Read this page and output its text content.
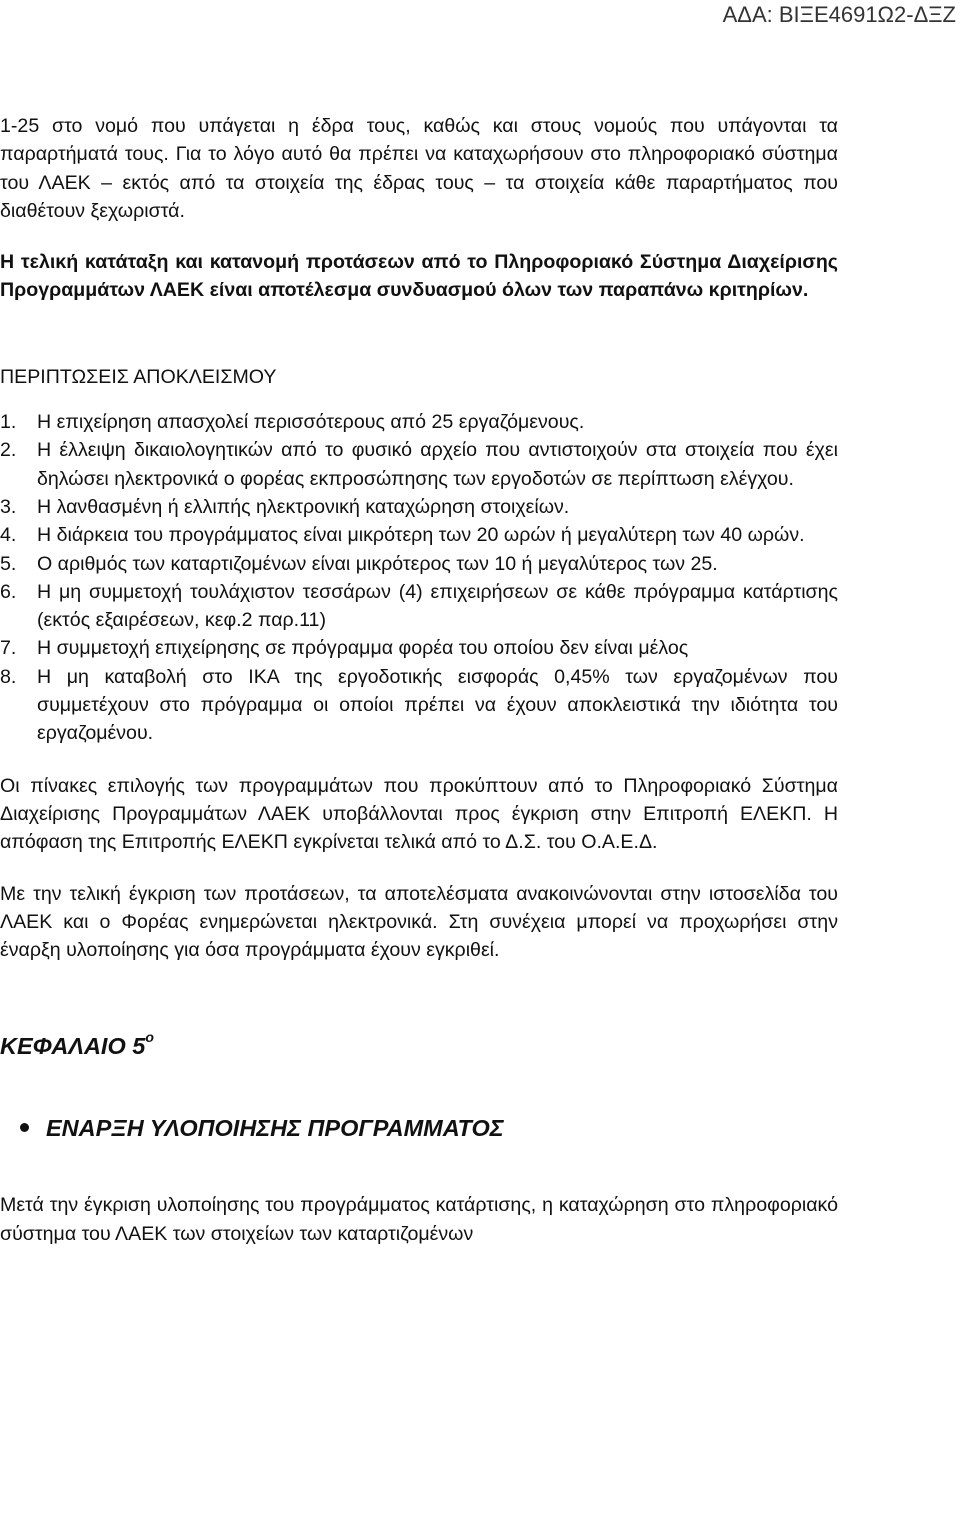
ΑΔΑ: ΒΙΞΕ4691Ω2-ΔΞΖ

1-25 στο νομό που υπάγεται η έδρα τους, καθώς και στους νομούς που υπάγονται τα παραρτήματά τους. Για το λόγο αυτό θα πρέπει να καταχωρήσουν στο πληροφοριακό σύστημα του ΛΑΕΚ – εκτός από τα στοιχεία της έδρας τους – τα στοιχεία κάθε παραρτήματος που διαθέτουν ξεχωριστά.

Η τελική κατάταξη και κατανομή προτάσεων από το Πληροφοριακό Σύστημα Διαχείρισης Προγραμμάτων ΛΑΕΚ είναι αποτέλεσμα συνδυασμού όλων των παραπάνω κριτηρίων.

ΠΕΡΙΠΤΩΣΕΙΣ ΑΠΟΚΛΕΙΣΜΟΥ
1. Η επιχείρηση απασχολεί περισσότερους από 25 εργαζόμενους.
2. Η έλλειψη δικαιολογητικών από το φυσικό αρχείο που αντιστοιχούν στα στοιχεία που έχει δηλώσει ηλεκτρονικά ο φορέας εκπροσώπησης των εργοδοτών σε περίπτωση ελέγχου.
3. Η λανθασμένη ή ελλιπής ηλεκτρονική καταχώρηση στοιχείων.
4. Η διάρκεια του προγράμματος είναι μικρότερη των 20 ωρών ή μεγαλύτερη των 40 ωρών.
5. Ο αριθμός των καταρτιζομένων είναι μικρότερος των 10 ή μεγαλύτερος των 25.
6. Η μη συμμετοχή τουλάχιστον τεσσάρων (4) επιχειρήσεων σε κάθε πρόγραμμα κατάρτισης (εκτός εξαιρέσεων, κεφ.2 παρ.11)
7. Η συμμετοχή επιχείρησης σε πρόγραμμα φορέα του οποίου δεν είναι μέλος
8. Η μη καταβολή στο ΙΚΑ της εργοδοτικής εισφοράς 0,45% των εργαζομένων που συμμετέχουν στο πρόγραμμα οι οποίοι πρέπει να έχουν αποκλειστικά την ιδιότητα του εργαζομένου.

Οι πίνακες επιλογής των προγραμμάτων που προκύπτουν από το Πληροφοριακό Σύστημα Διαχείρισης Προγραμμάτων ΛΑΕΚ υποβάλλονται προς έγκριση στην Επιτροπή ΕΛΕΚΠ. Η απόφαση της Επιτροπής ΕΛΕΚΠ εγκρίνεται τελικά από το Δ.Σ. του Ο.Α.Ε.Δ.

Με την τελική έγκριση των προτάσεων, τα αποτελέσματα ανακοινώνονται στην ιστοσελίδα του ΛΑΕΚ και ο Φορέας ενημερώνεται ηλεκτρονικά. Στη συνέχεια μπορεί να προχωρήσει στην έναρξη υλοποίησης για όσα προγράμματα έχουν εγκριθεί.

ΚΕΦΑΛΑΙΟ $5^o$
ΕΝΑΡΞΗ ΥΛΟΠΟΙΗΣΗΣ ΠΡΟΓΡΑΜΜΑΤΟΣ

Μετά την έγκριση υλοποίησης του προγράμματος κατάρτισης, η καταχώρηση στο πληροφοριακό σύστημα του ΛΑΕΚ των στοιχείων των καταρτιζομένων
